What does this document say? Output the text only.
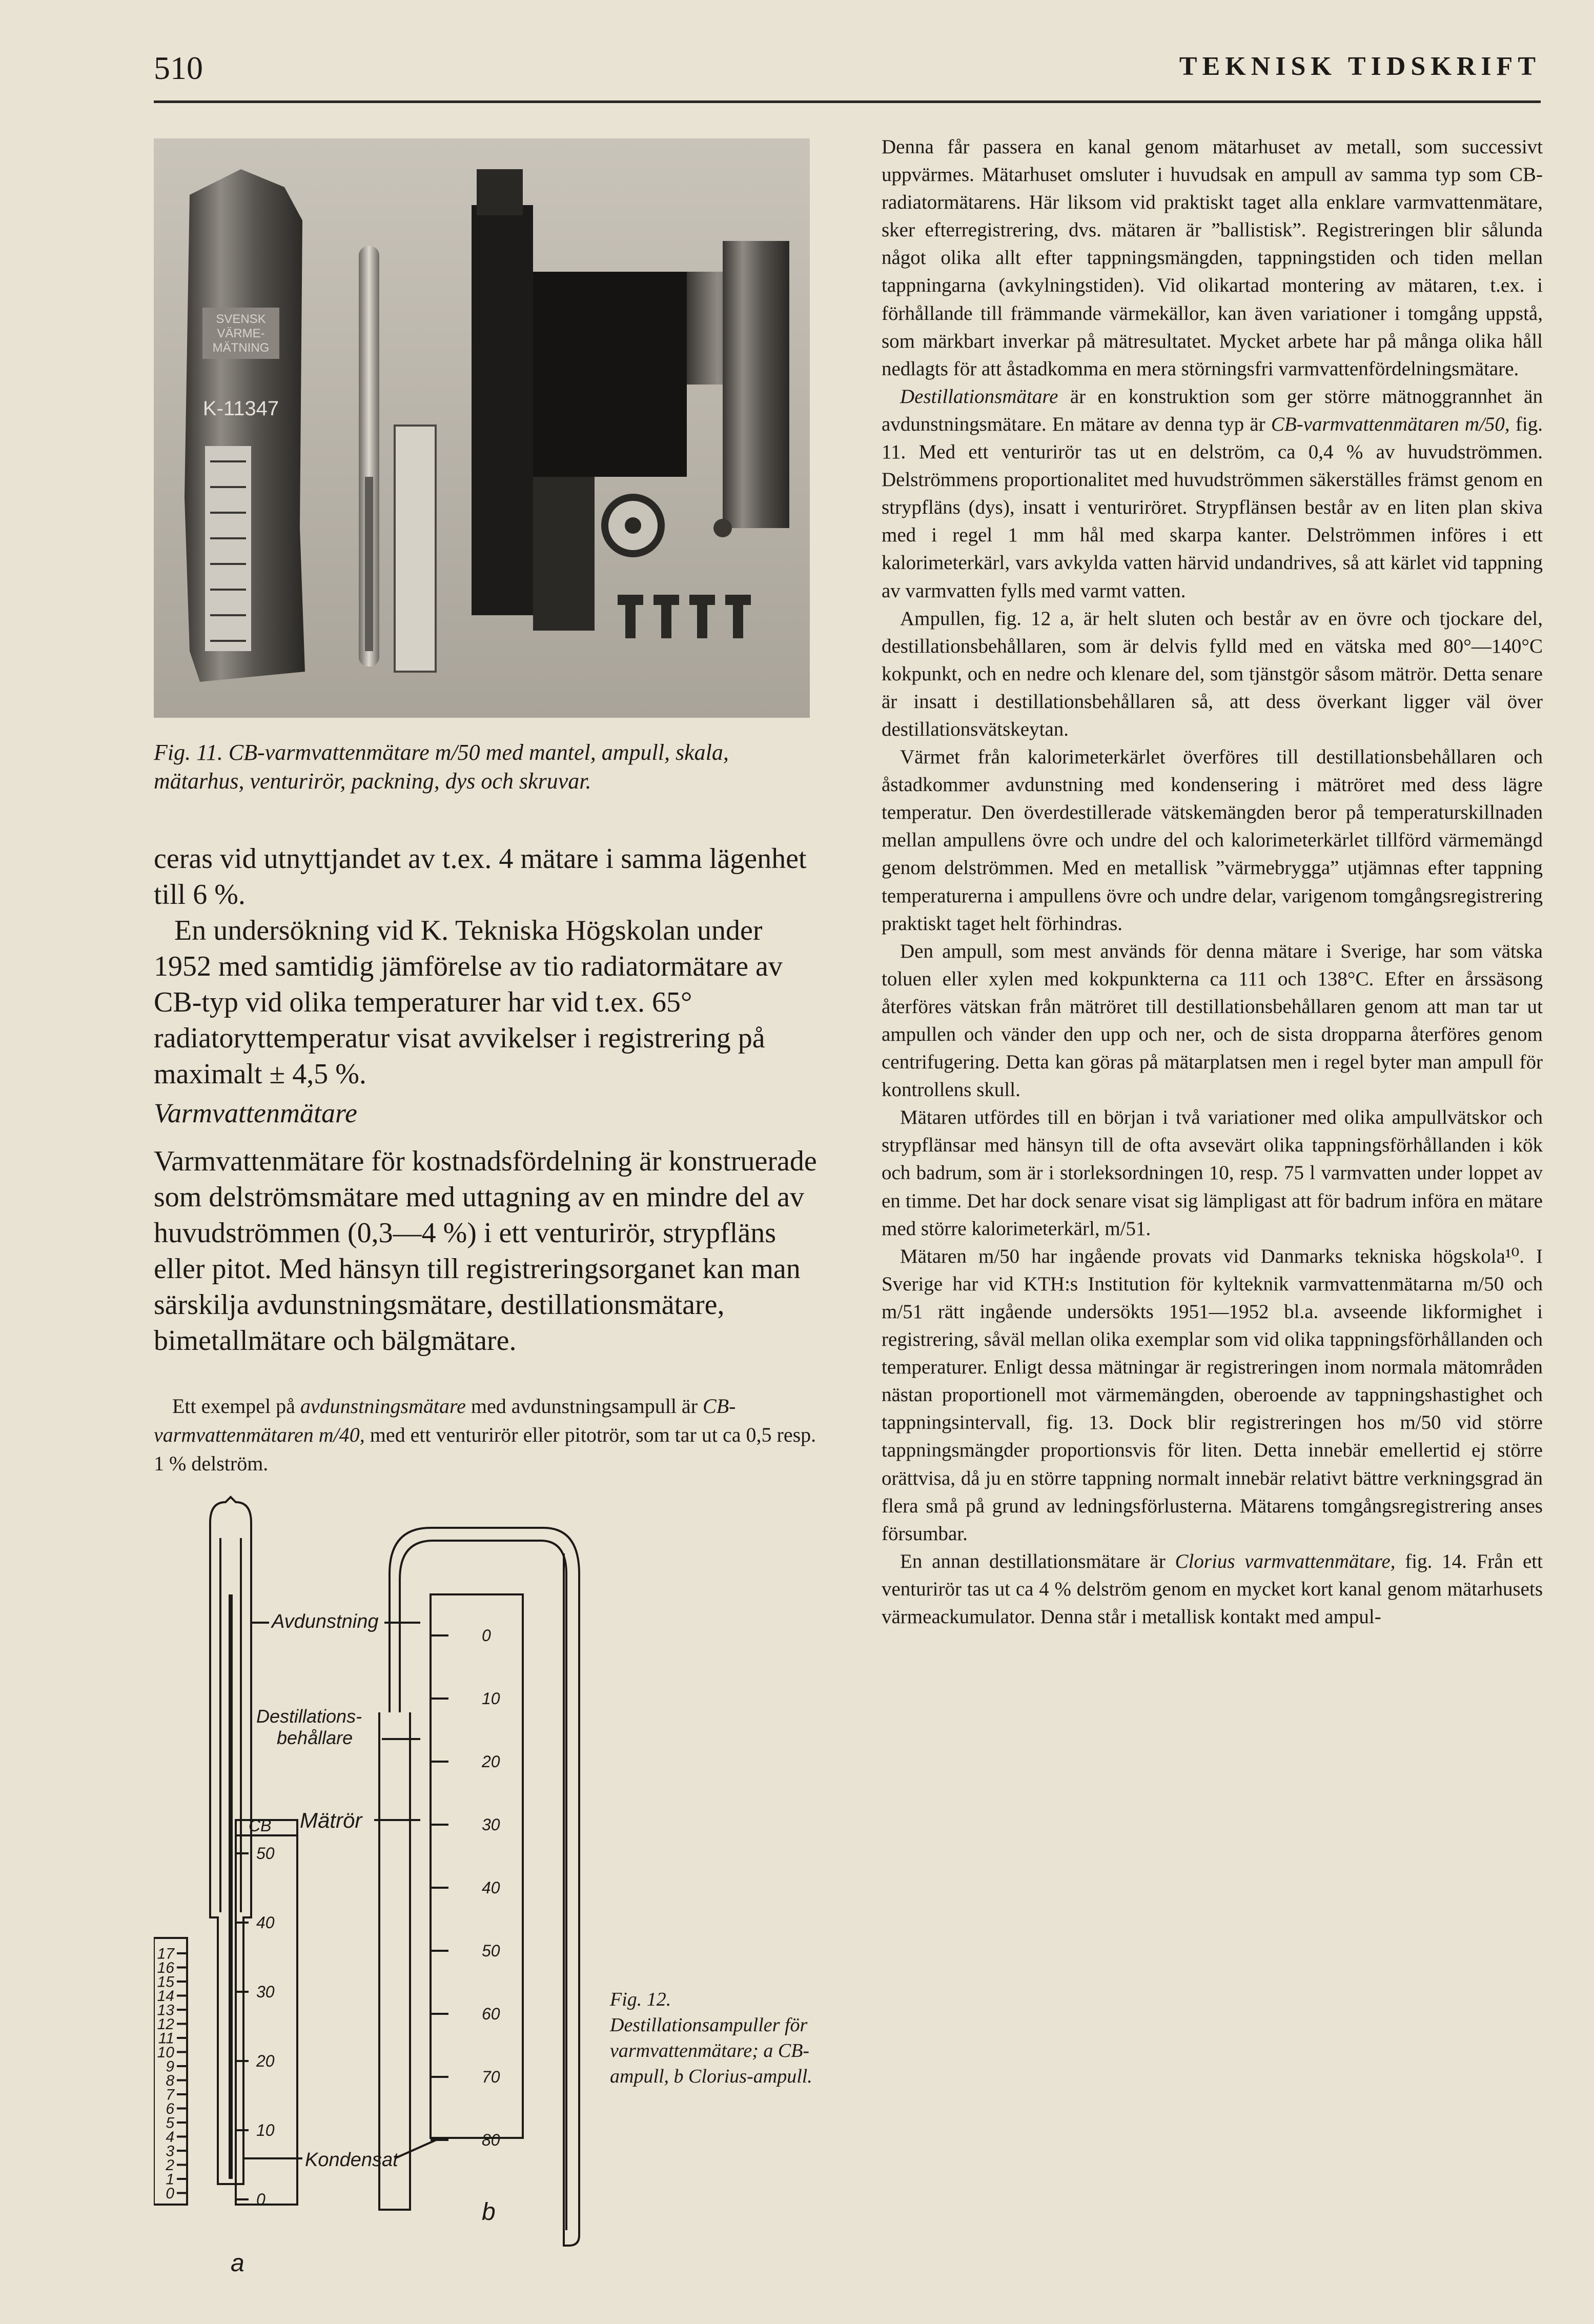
510	TEKNISK TIDSKRIFT
SVENSK
VÄRME-
MÄTNING
K-11347
Fig. 11. CB-varmvattenmätare m/50 med mantel, ampull, skala, mätarhus, venturirör, packning, dys och skruvar.
ceras vid utnyttjandet av t.ex. 4 mätare i samma lägenhet till 6 %.
En undersökning vid K. Tekniska Högskolan under 1952 med samtidig jämförelse av tio radiatormätare av CB-typ vid olika temperaturer har vid t.ex. 65° radiatoryttemperatur visat avvikelser i registrering på maximalt ± 4,5 %.
Varmvattenmätare
Varmvattenmätare för kostnadsfördelning är konstruerade som delströmsmätare med uttagning av en mindre del av huvudströmmen (0,3—4 %) i ett venturirör, strypfläns eller pitot. Med hänsyn till registreringsorganet kan man särskilja avdunstningsmätare, destillationsmätare, bimetallmätare och bälgmätare.
Ett exempel på avdunstningsmätare med avdunstningsampull är CB-varmvattenmätaren m/40, med ett venturirör eller pitotrör, som tar ut ca 0,5 resp. 1 % delström.
CB
17
16
15
14
13
12
11
10
9
8
7
6
5
4
3
2
1
0
50
40
30
20
10
0
a
0
10
20
30
40
50
60
70
80
b
Avdunstning
Destillations-
behållare
Mätrör
Kondensat
Fig. 12. Destillationsampuller för varmvattenmätare; a CB-ampull, b Clorius-ampull.

Denna får passera en kanal genom mätarhuset av metall, som successivt uppvärmes. Mätarhuset omsluter i huvudsak en ampull av samma typ som CB-radiatormätarens. Här liksom vid praktiskt taget alla enklare varmvattenmätare, sker efterregistrering, dvs. mätaren är ”ballistisk”. Registreringen blir sålunda något olika allt efter tappningsmängden, tappningstiden och tiden mellan tappningarna (avkylningstiden). Vid olikartad montering av mätaren, t.ex. i förhållande till främmande värmekällor, kan även variationer i tomgång uppstå, som märkbart inverkar på mätresultatet. Mycket arbete har på många olika håll nedlagts för att åstadkomma en mera störningsfri varmvattenfördelningsmätare.

Destillationsmätare är en konstruktion som ger större mätnoggrannhet än avdunstningsmätare. En mätare av denna typ är CB-varmvattenmätaren m/50, fig. 11. Med ett venturirör tas ut en delström, ca 0,4 % av huvudströmmen. Delströmmens proportionalitet med huvudströmmen säkerställes främst genom en strypfläns (dys), insatt i venturiröret. Strypflänsen består av en liten plan skiva med i regel 1 mm hål med skarpa kanter. Delströmmen införes i ett kalorimeterkärl, vars avkylda vatten härvid undandrives, så att kärlet vid tappning av varmvatten fylls med varmt vatten.

Ampullen, fig. 12 a, är helt sluten och består av en övre och tjockare del, destillationsbehållaren, som är delvis fylld med en vätska med 80°—140°C kokpunkt, och en nedre och klenare del, som tjänstgör såsom mätrör. Detta senare är insatt i destillationsbehållaren så, att dess överkant ligger väl över destillationsvätskeytan.

Värmet från kalorimeterkärlet överföres till destillationsbehållaren och åstadkommer avdunstning med kondensering i mätröret med dess lägre temperatur. Den överdestillerade vätskemängden beror på temperaturskillnaden mellan ampullens övre och undre del och kalorimeterkärlet tillförd värmemängd genom delströmmen. Med en metallisk ”värmebrygga” utjämnas efter tappning temperaturerna i ampullens övre och undre delar, varigenom tomgångsregistrering praktiskt taget helt förhindras.

Den ampull, som mest används för denna mätare i Sverige, har som vätska toluen eller xylen med kokpunkterna ca 111 och 138°C. Efter en årssäsong återföres vätskan från mätröret till destillationsbehållaren genom att man tar ut ampullen och vänder den upp och ner, och de sista dropparna återföres genom centrifugering. Detta kan göras på mätarplatsen men i regel byter man ampull för kontrollens skull.

Mätaren utfördes till en början i två variationer med olika ampullvätskor och strypflänsar med hänsyn till de ofta avsevärt olika tappningsförhållanden i kök och badrum, som är i storleksordningen 10, resp. 75 l varmvatten under loppet av en timme. Det har dock senare visat sig lämpligast att för badrum införa en mätare med större kalorimeterkärl, m/51.

Mätaren m/50 har ingående provats vid Danmarks tekniska högskola¹⁰. I Sverige har vid KTH:s Institution för kylteknik varmvattenmätarna m/50 och m/51 rätt ingående undersökts 1951—1952 bl.a. avseende likformighet i registrering, såväl mellan olika exemplar som vid olika tappningsförhållanden och temperaturer. Enligt dessa mätningar är registreringen inom normala mätområden nästan proportionell mot värmemängden, oberoende av tappningshastighet och tappningsintervall, fig. 13. Dock blir registreringen hos m/50 vid större tappningsmängder proportionsvis för liten. Detta innebär emellertid ej större orättvisa, då ju en större tappning normalt innebär relativt bättre verkningsgrad än flera små på grund av ledningsförlusterna. Mätarens tomgångsregistrering anses försumbar.

En annan destillationsmätare är Clorius varmvattenmätare, fig. 14. Från ett venturirör tas ut ca 4 % delström genom en mycket kort kanal genom mätarhusets värmeackumulator. Denna står i metallisk kontakt med ampul-
